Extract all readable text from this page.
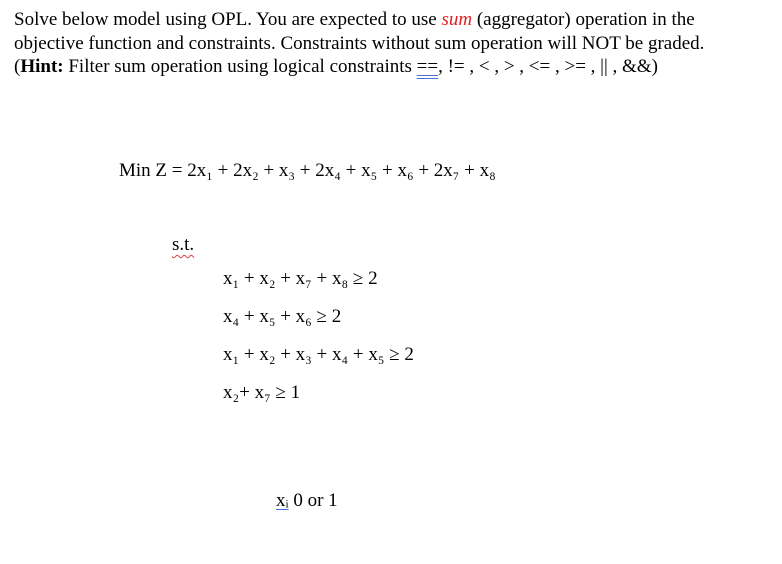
Solve below model using OPL. You are expected to use sum (aggregator) operation in the
objective function and constraints. Constraints without sum operation will NOT be graded.
(Hint: Filter sum operation using logical constraints ==, != , < , > , <= , >= , || , &&)
Min Z = 2x₁ + 2x₂ + x₃ + 2x₄ + x₅ + x₆ + 2x₇ + x₈
s.t.
x₁ + x₂ + x₇ + x₈ ≥ 2
x₄ + x₅ + x₆ ≥ 2
x₁ + x₂ + x₃ + x₄ + x₅ ≥ 2
x₂+ x₇ ≥ 1
xᵢ 0 or 1
